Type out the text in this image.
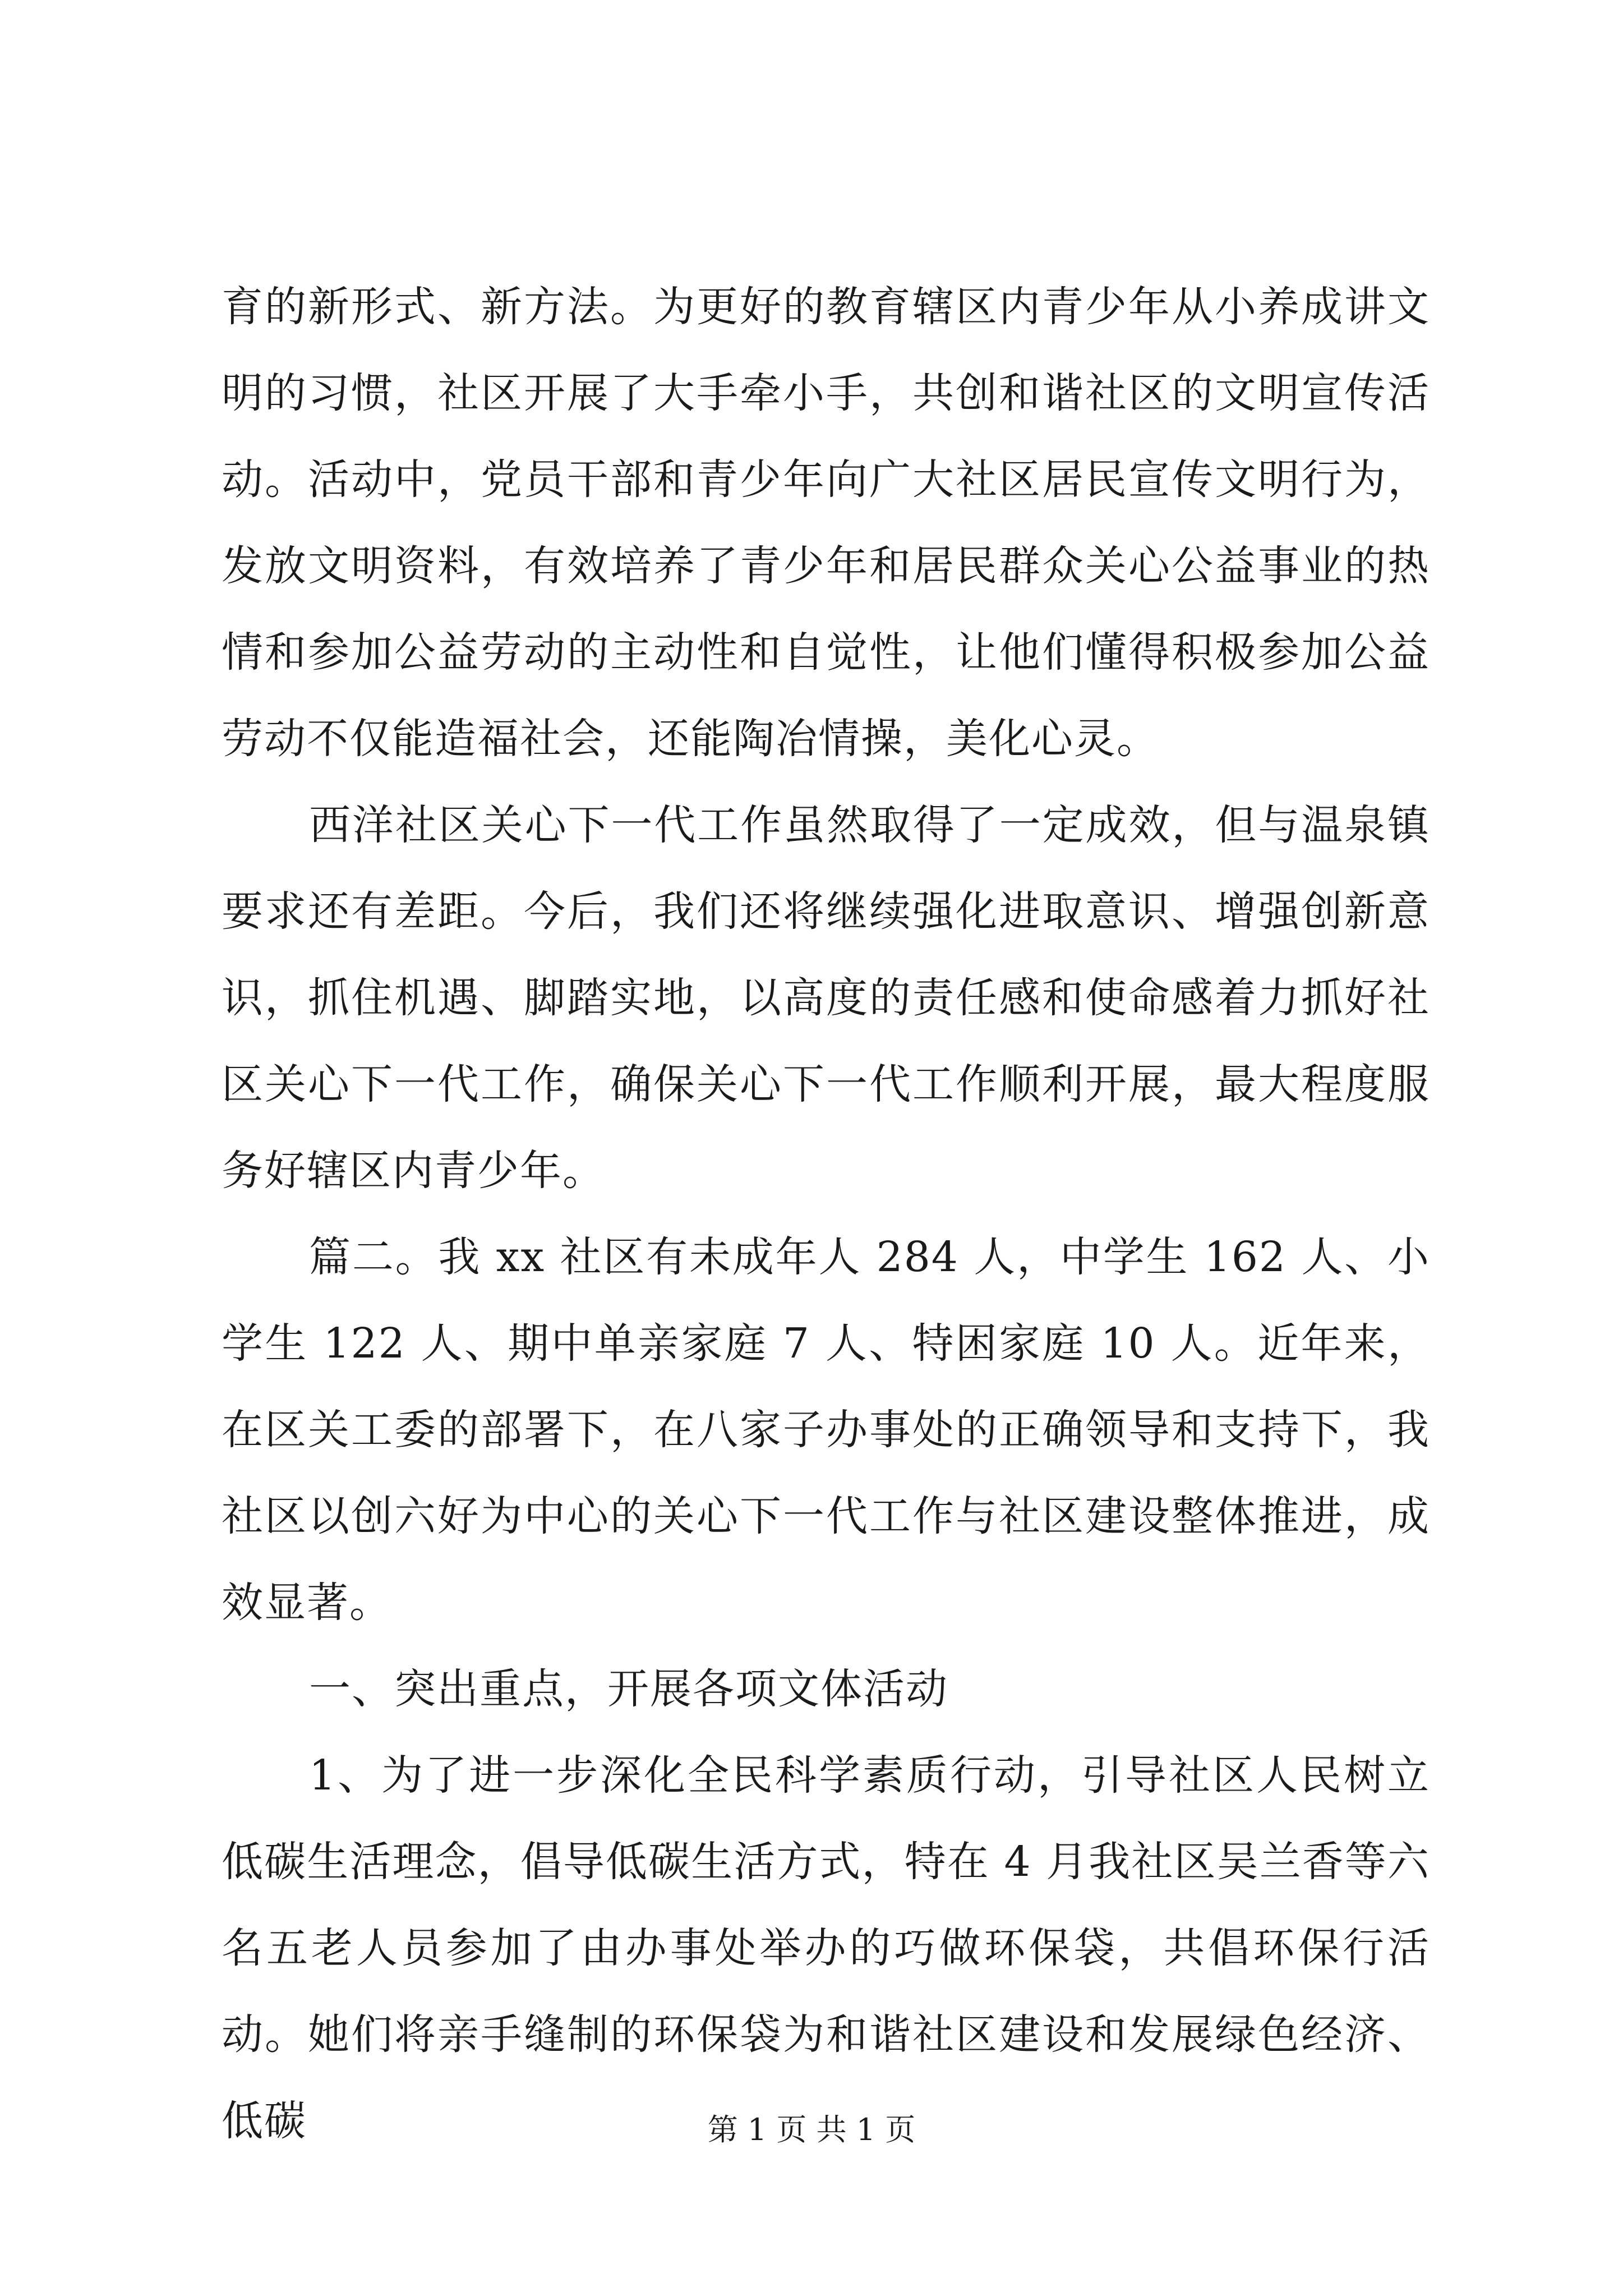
育的新形式、新方法。为更好的教育辖区内青少年从小养成讲文明的习惯，社区开展了大手牵小手，共创和谐社区的文明宣传活动。活动中，党员干部和青少年向广大社区居民宣传文明行为，发放文明资料，有效培养了青少年和居民群众关心公益事业的热情和参加公益劳动的主动性和自觉性，让他们懂得积极参加公益劳动不仅能造福社会，还能陶冶情操，美化心灵。

西洋社区关心下一代工作虽然取得了一定成效，但与温泉镇要求还有差距。今后，我们还将继续强化进取意识、增强创新意识，抓住机遇、脚踏实地，以高度的责任感和使命感着力抓好社区关心下一代工作，确保关心下一代工作顺利开展，最大程度服务好辖区内青少年。

篇二。我 xx 社区有未成年人 284 人，中学生 162 人、小学生 122 人、期中单亲家庭 7 人、特困家庭 10 人。近年来，在区关工委的部署下，在八家子办事处的正确领导和支持下，我社区以创六好为中心的关心下一代工作与社区建设整体推进，成效显著。

一、突出重点，开展各项文体活动

1、为了进一步深化全民科学素质行动，引导社区人民树立低碳生活理念，倡导低碳生活方式，特在 4 月我社区吴兰香等六名五老人员参加了由办事处举办的巧做环保袋，共倡环保行活动。她们将亲手缝制的环保袋为和谐社区建设和发展绿色经济、低碳	第 1 页 共 1 页
